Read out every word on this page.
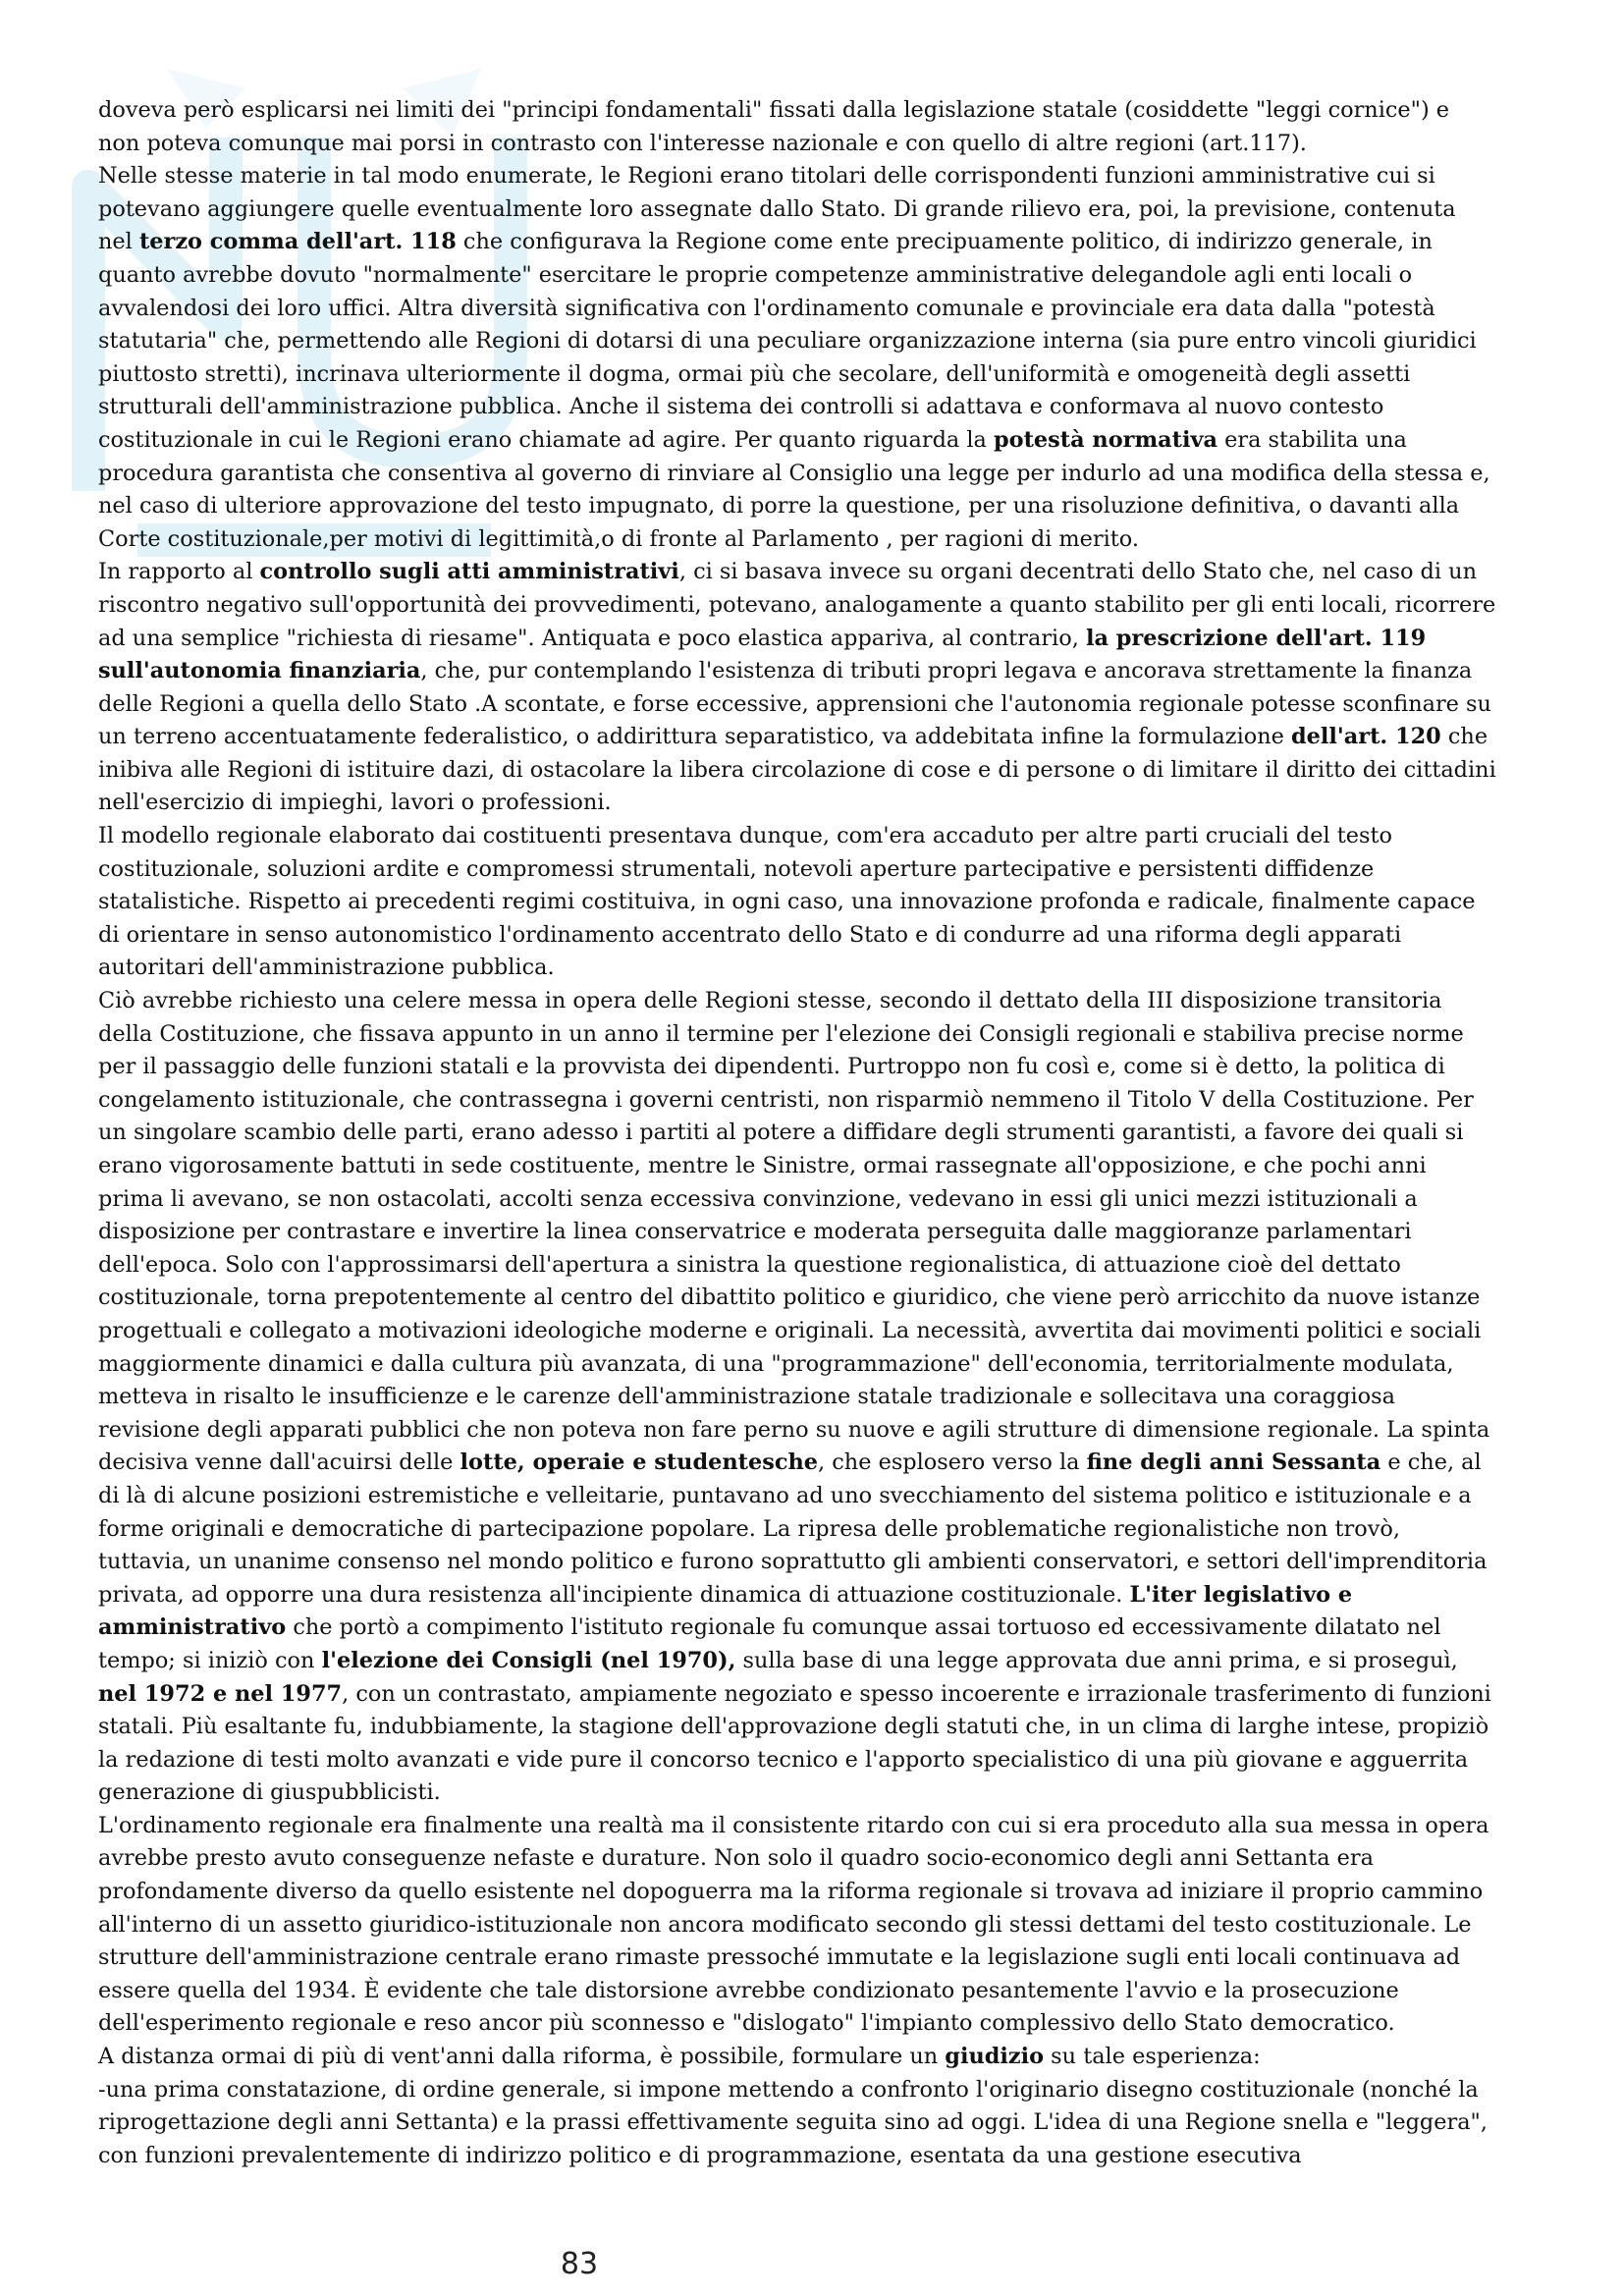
doveva però esplicarsi nei limiti dei "principi fondamentali" fissati dalla legislazione statale (cosiddette "leggi cornice") e non poteva comunque mai porsi in contrasto con l'interesse nazionale e con quello di altre regioni (art.117).

Nelle stesse materie in tal modo enumerate, le Regioni erano titolari delle corrispondenti funzioni amministrative cui si potevano aggiungere quelle eventualmente loro assegnate dallo Stato. Di grande rilievo era, poi, la previsione, contenuta nel terzo comma dell'art. 118 che configurava la Regione come ente precipuamente politico, di indirizzo generale, in quanto avrebbe dovuto "normalmente" esercitare le proprie competenze amministrative delegandole agli enti locali o avvalendosi dei loro uffici. Altra diversità significativa con l'ordinamento comunale e provinciale era data dalla "potestà statutaria" che, permettendo alle Regioni di dotarsi di una peculiare organizzazione interna (sia pure entro vincoli giuridici piuttosto stretti), incrinava ulteriormente il dogma, ormai più che secolare, dell'uniformità e omogeneità degli assetti strutturali dell'amministrazione pubblica. Anche il sistema dei controlli si adattava e conformava al nuovo contesto costituzionale in cui le Regioni erano chiamate ad agire. Per quanto riguarda la potestà normativa era stabilita una procedura garantista che consentiva al governo di rinviare al Consiglio una legge per indurlo ad una modifica della stessa e, nel caso di ulteriore approvazione del testo impugnato, di porre la questione, per una risoluzione definitiva, o davanti alla Corte costituzionale,per motivi di legittimità,o di fronte al Parlamento , per ragioni di merito.

In rapporto al controllo sugli atti amministrativi, ci si basava invece su organi decentrati dello Stato che, nel caso di un riscontro negativo sull'opportunità dei provvedimenti, potevano, analogamente a quanto stabilito per gli enti locali, ricorrere ad una semplice "richiesta di riesame". Antiquata e poco elastica appariva, al contrario, la prescrizione dell'art. 119 sull'autonomia finanziaria, che, pur contemplando l'esistenza di tributi propri legava e ancorava strettamente la finanza delle Regioni a quella dello Stato .A scontate, e forse eccessive, apprensioni che l'autonomia regionale potesse sconfinare su un terreno accentuatamente federalistico, o addirittura separatistico, va addebitata infine la formulazione dell'art. 120 che inibiva alle Regioni di istituire dazi, di ostacolare la libera circolazione di cose e di persone o di limitare il diritto dei cittadini nell'esercizio di impieghi, lavori o professioni.

Il modello regionale elaborato dai costituenti presentava dunque, com'era accaduto per altre parti cruciali del testo costituzionale, soluzioni ardite e compromessi strumentali, notevoli aperture partecipative e persistenti diffidenze statalistiche. Rispetto ai precedenti regimi costituiva, in ogni caso, una innovazione profonda e radicale, finalmente capace di orientare in senso autonomistico l'ordinamento accentrato dello Stato e di condurre ad una riforma degli apparati autoritari dell'amministrazione pubblica.

Ciò avrebbe richiesto una celere messa in opera delle Regioni stesse, secondo il dettato della III disposizione transitoria della Costituzione, che fissava appunto in un anno il termine per l'elezione dei Consigli regionali e stabiliva precise norme per il passaggio delle funzioni statali e la provvista dei dipendenti. Purtroppo non fu così e, come si è detto, la politica di congelamento istituzionale, che contrassegna i governi centristi, non risparmiò nemmeno il Titolo V della Costituzione. Per un singolare scambio delle parti, erano adesso i partiti al potere a diffidare degli strumenti garantisti, a favore dei quali si erano vigorosamente battuti in sede costituente, mentre le Sinistre, ormai rassegnate all'opposizione, e che pochi anni prima li avevano, se non ostacolati, accolti senza eccessiva convinzione, vedevano in essi gli unici mezzi istituzionali a disposizione per contrastare e invertire la linea conservatrice e moderata perseguita dalle maggioranze parlamentari dell'epoca. Solo con l'approssimarsi dell'apertura a sinistra la questione regionalistica, di attuazione cioè del dettato costituzionale, torna prepotentemente al centro del dibattito politico e giuridico, che viene però arricchito da nuove istanze progettuali e collegato a motivazioni ideologiche moderne e originali. La necessità, avvertita dai movimenti politici e sociali maggiormente dinamici e dalla cultura più avanzata, di una "programmazione" dell'economia, territorialmente modulata, metteva in risalto le insufficienze e le carenze dell'amministrazione statale tradizionale e sollecitava una coraggiosa revisione degli apparati pubblici che non poteva non fare perno su nuove e agili strutture di dimensione regionale. La spinta decisiva venne dall'acuirsi delle lotte, operaie e studentesche, che esplosero verso la fine degli anni Sessanta e che, al di là di alcune posizioni estremistiche e velleitarie, puntavano ad uno svecchiamento del sistema politico e istituzionale e a forme originali e democratiche di partecipazione popolare. La ripresa delle problematiche regionalistiche non trovò, tuttavia, un unanime consenso nel mondo politico e furono soprattutto gli ambienti conservatori, e settori dell'imprenditoria privata, ad opporre una dura resistenza all'incipiente dinamica di attuazione costituzionale. L'iter legislativo e amministrativo che portò a compimento l'istituto regionale fu comunque assai tortuoso ed eccessivamente dilatato nel tempo; si iniziò con l'elezione dei Consigli (nel 1970), sulla base di una legge approvata due anni prima, e si proseguì, nel 1972 e nel 1977, con un contrastato, ampiamente negoziato e spesso incoerente e irrazionale trasferimento di funzioni statali. Più esaltante fu, indubbiamente, la stagione dell'approvazione degli statuti che, in un clima di larghe intese, propiziò la redazione di testi molto avanzati e vide pure il concorso tecnico e l'apporto specialistico di una più giovane e agguerrita generazione di giuspubblicisti.

L'ordinamento regionale era finalmente una realtà ma il consistente ritardo con cui si era proceduto alla sua messa in opera avrebbe presto avuto conseguenze nefaste e durature. Non solo il quadro socio-economico degli anni Settanta era profondamente diverso da quello esistente nel dopoguerra ma la riforma regionale si trovava ad iniziare il proprio cammino all'interno di un assetto giuridico-istituzionale non ancora modificato secondo gli stessi dettami del testo costituzionale. Le strutture dell'amministrazione centrale erano rimaste pressoché immutate e la legislazione sugli enti locali continuava ad essere quella del 1934. È evidente che tale distorsione avrebbe condizionato pesantemente l'avvio e la prosecuzione dell'esperimento regionale e reso ancor più sconnesso e "dislogato" l'impianto complessivo dello Stato democratico.

A distanza ormai di più di vent'anni dalla riforma, è possibile, formulare un giudizio su tale esperienza:

-una prima constatazione, di ordine generale, si impone mettendo a confronto l'originario disegno costituzionale (nonché la riprogettazione degli anni Settanta) e la prassi effettivamente seguita sino ad oggi. L'idea di una Regione snella e "leggera", con funzioni prevalentemente di indirizzo politico e di programmazione, esentata da una gestione esecutiva

83
